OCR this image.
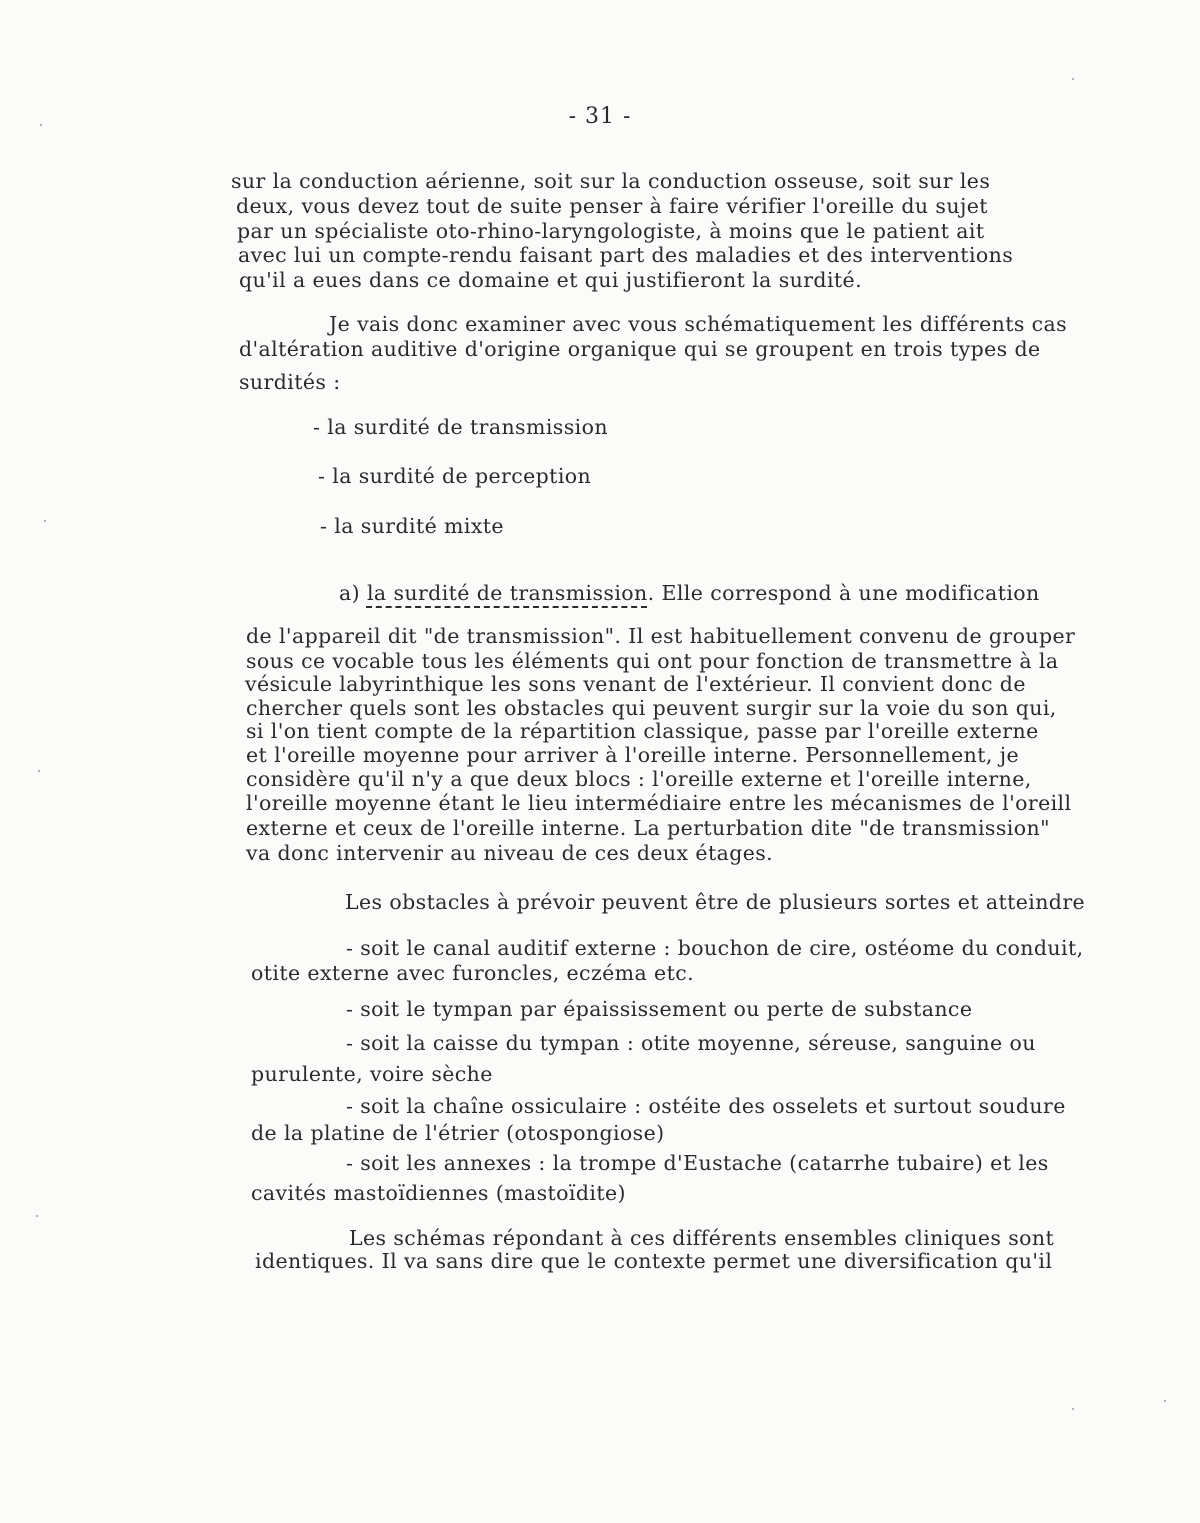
- 31 -
sur la conduction aérienne, soit sur la conduction osseuse, soit sur les
deux, vous devez tout de suite penser à faire vérifier l'oreille du sujet
par un spécialiste oto-rhino-laryngologiste, à moins que le patient ait
avec lui un compte-rendu faisant part des maladies et des interventions
qu'il a eues dans ce domaine et qui justifieront la surdité.
Je vais donc examiner avec vous schématiquement les différents cas
d'altération auditive d'origine organique qui se groupent en trois types de
surdités :
- la surdité de transmission
- la surdité de perception
- la surdité mixte
a) la surdité de transmission. Elle correspond à une modification
de l'appareil dit "de transmission". Il est habituellement convenu de grouper
sous ce vocable tous les éléments qui ont pour fonction de transmettre à la
vésicule labyrinthique les sons venant de l'extérieur. Il convient donc de
chercher quels sont les obstacles qui peuvent surgir sur la voie du son qui,
si l'on tient compte de la répartition classique, passe par l'oreille externe
et l'oreille moyenne pour arriver à l'oreille interne. Personnellement, je
considère qu'il n'y a que deux blocs : l'oreille externe et l'oreille interne,
l'oreille moyenne étant le lieu intermédiaire entre les mécanismes de l'oreill
externe et ceux de l'oreille interne. La perturbation dite "de transmission"
va donc intervenir au niveau de ces deux étages.
Les obstacles à prévoir peuvent être de plusieurs sortes et atteindre
- soit le canal auditif externe : bouchon de cire, ostéome du conduit,
otite externe avec furoncles, eczéma etc.
- soit le tympan par épaississement ou perte de substance
- soit la caisse du tympan : otite moyenne, séreuse, sanguine ou
purulente, voire sèche
- soit la chaîne ossiculaire : ostéite des osselets et surtout soudure
de la platine de l'étrier (otospongiose)
- soit les annexes : la trompe d'Eustache (catarrhe tubaire) et les
cavités mastoïdiennes (mastoïdite)
Les schémas répondant à ces différents ensembles cliniques sont
identiques. Il va sans dire que le contexte permet une diversification qu'il
